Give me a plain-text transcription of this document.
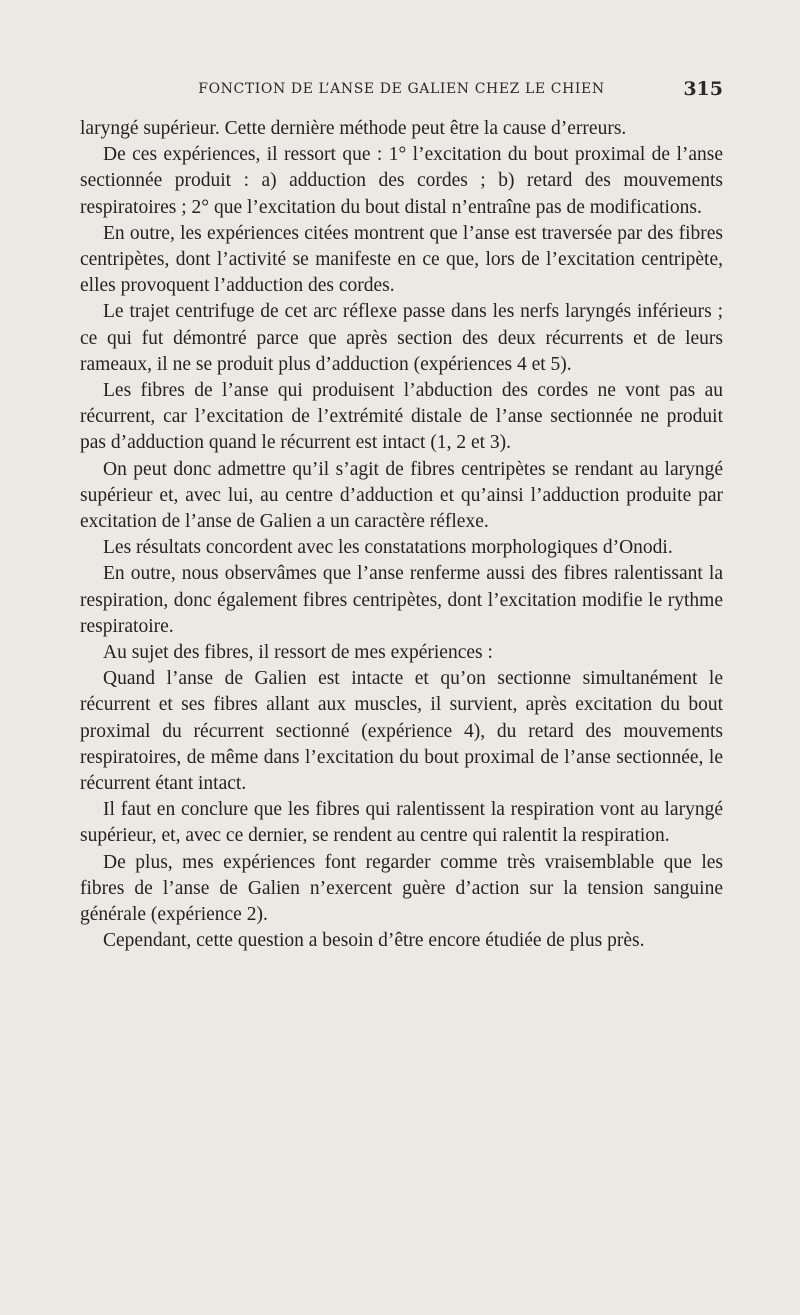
FONCTION DE L’ANSE DE GALIEN CHEZ LE CHIEN	315

laryngé supérieur. Cette dernière méthode peut être la cause d’erreurs.

De ces expériences, il ressort que : 1° l’excitation du bout proximal de l’anse sectionnée produit : a) adduction des cordes ; b) retard des mouvements respiratoires ; 2° que l’excitation du bout distal n’entraîne pas de modifications.

En outre, les expériences citées montrent que l’anse est traversée par des fibres centripètes, dont l’activité se manifeste en ce que, lors de l’excitation centripète, elles provoquent l’adduction des cordes.

Le trajet centrifuge de cet arc réflexe passe dans les nerfs laryngés inférieurs ; ce qui fut démontré parce que après section des deux récurrents et de leurs rameaux, il ne se produit plus d’adduction (expériences 4 et 5).

Les fibres de l’anse qui produisent l’abduction des cordes ne vont pas au récurrent, car l’excitation de l’extrémité distale de l’anse sectionnée ne produit pas d’adduction quand le récurrent est intact (1, 2 et 3).

On peut donc admettre qu’il s’agit de fibres centripètes se rendant au laryngé supérieur et, avec lui, au centre d’adduction et qu’ainsi l’adduction produite par excitation de l’anse de Galien a un caractère réflexe.

Les résultats concordent avec les constatations morphologiques d’Onodi.

En outre, nous observâmes que l’anse renferme aussi des fibres ralentissant la respiration, donc également fibres centripètes, dont l’excitation modifie le rythme respiratoire.

Au sujet des fibres, il ressort de mes expériences :

Quand l’anse de Galien est intacte et qu’on sectionne simultanément le récurrent et ses fibres allant aux muscles, il survient, après excitation du bout proximal du récurrent sectionné (expérience 4), du retard des mouvements respiratoires, de même dans l’excitation du bout proximal de l’anse sectionnée, le récurrent étant intact.

Il faut en conclure que les fibres qui ralentissent la respiration vont au laryngé supérieur, et, avec ce dernier, se rendent au centre qui ralentit la respiration.

De plus, mes expériences font regarder comme très vraisemblable que les fibres de l’anse de Galien n’exercent guère d’action sur la tension sanguine générale (expérience 2).

Cependant, cette question a besoin d’être encore étudiée de plus près.
